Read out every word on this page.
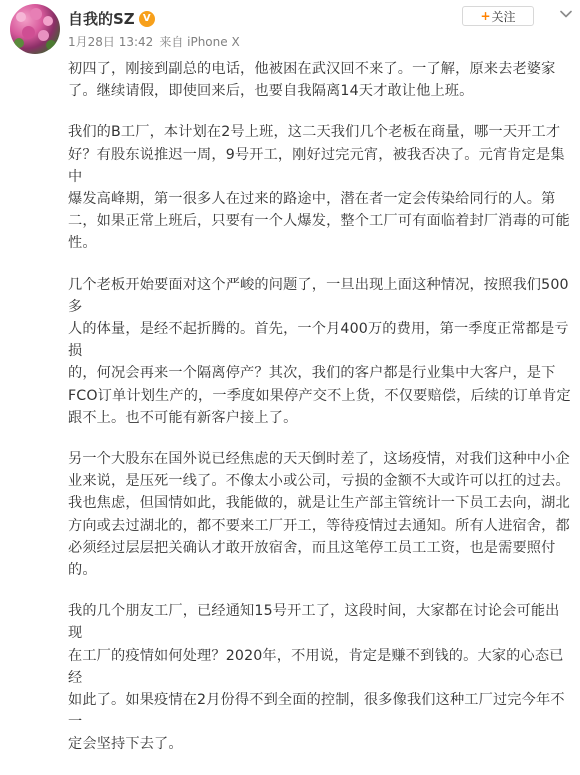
自我的SZ V
1月28日 13:42 来自 iPhone X
+ 关注

初四了，刚接到副总的电话，他被困在武汉回不来了。一了解，原来去老婆家
了。继续请假，即使回来后，也要自我隔离14天才敢让他上班。

我们的B工厂，本计划在2号上班，这二天我们几个老板在商量，哪一天开工才
好？有股东说推迟一周，9号开工，刚好过完元宵，被我否决了。元宵肯定是集中
爆发高峰期，第一很多人在过来的路途中，潜在者一定会传染给同行的人。第
二，如果正常上班后，只要有一个人爆发，整个工厂可有面临着封厂消毒的可能
性。

几个老板开始要面对这个严峻的问题了，一旦出现上面这种情况，按照我们500多
人的体量，是经不起折腾的。首先，一个月400万的费用，第一季度正常都是亏损
的，何况会再来一个隔离停产？其次，我们的客户都是行业集中大客户，是下
FCO订单计划生产的，一季度如果停产交不上货，不仅要赔偿，后续的订单肯定
跟不上。也不可能有新客户接上了。

另一个大股东在国外说已经焦虑的天天倒时差了，这场疫情，对我们这种中小企
业来说，是压死一线了。不像太小或公司，亏损的金额不大或许可以扛的过去。
我也焦虑，但国情如此，我能做的，就是让生产部主管统计一下员工去向，湖北
方向或去过湖北的，都不要来工厂开工，等待疫情过去通知。所有人进宿舍，都
必须经过层层把关确认才敢开放宿舍，而且这笔停工员工工资，也是需要照付
的。

我的几个朋友工厂，已经通知15号开工了，这段时间，大家都在讨论会可能出现
在工厂的疫情如何处理？2020年，不用说，肯定是赚不到钱的。大家的心态已经
如此了。如果疫情在2月份得不到全面的控制，很多像我们这种工厂过完今年不一
定会坚持下去了。
